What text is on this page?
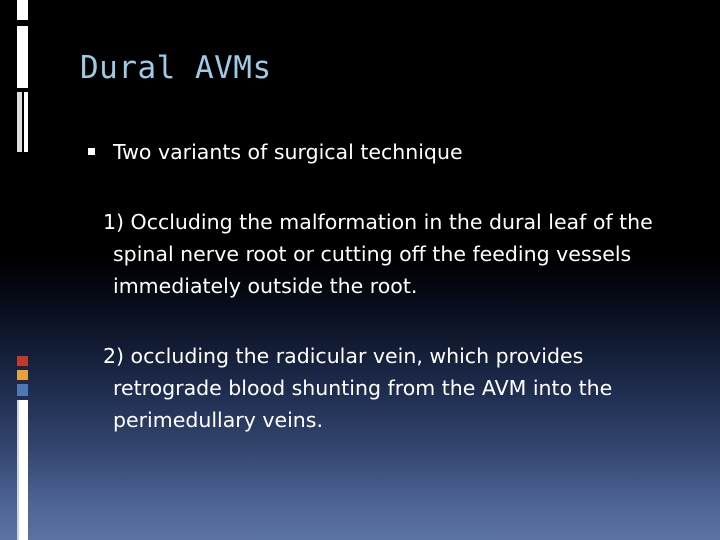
Dural AVMs
Two variants of surgical technique

1) Occluding the malformation in the dural leaf of the spinal nerve root or cutting off the feeding vessels immediately outside the root.

2) occluding the radicular vein, which provides retrograde blood shunting from the AVM into the perimedullary veins.
